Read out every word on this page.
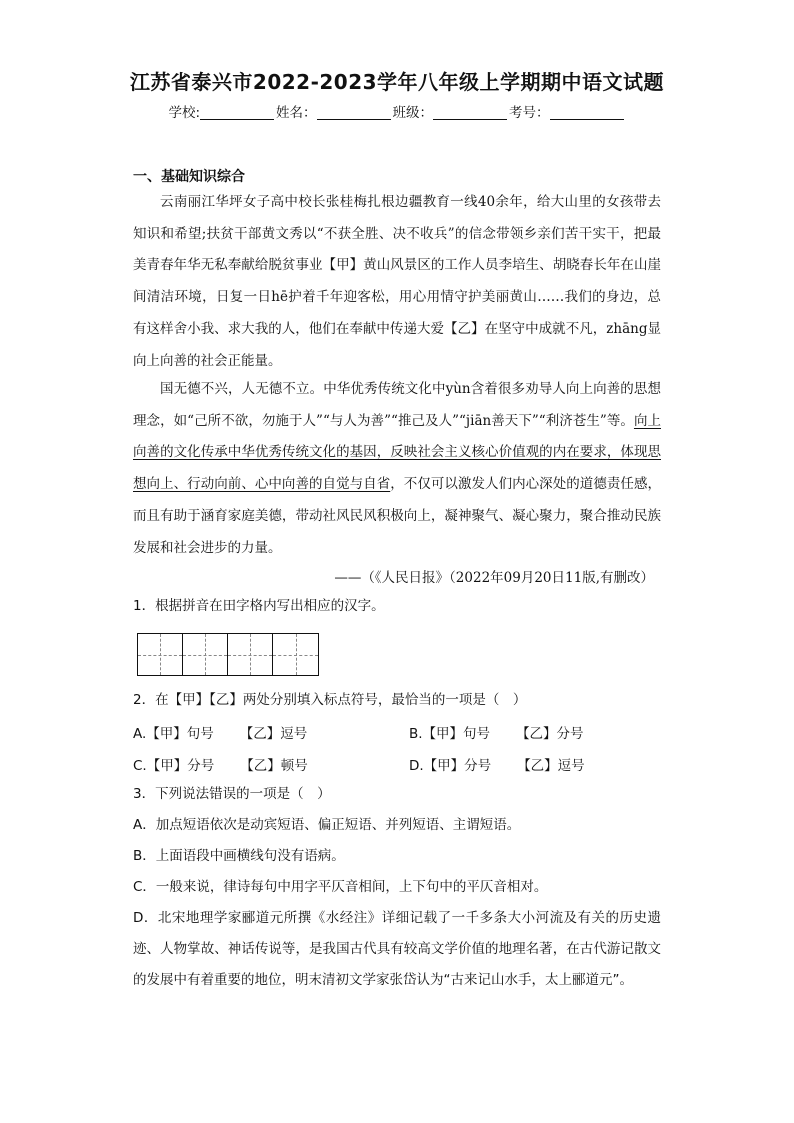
江苏省泰兴市2022-2023学年八年级上学期期中语文试题
学校:	姓名：	班级：	考号：
一、基础知识综合

云南丽江华坪女子高中校长张桂梅扎根边疆教育一线40余年，给大山里的女孩带去知识和希望;扶贫干部黄文秀以“不获全胜、决不收兵”的信念带领乡亲们苦干实干，把最美青春年华无私奉献给脱贫事业【甲】黄山风景区的工作人员李培生、胡晓春长年在山崖间清洁环境，日复一日hē护着千年迎客松，用心用情守护美丽黄山……我们的身边，总有这样舍小我、求大我的人，他们在奉献中传递大爱【乙】在坚守中成就不凡，zhāng显向上向善的社会正能量。

国无德不兴，人无德不立。中华优秀传统文化中yùn含着很多劝导人向上向善的思想理念，如“己所不欲，勿施于人”“与人为善”“推己及人”“jiān善天下”“利济苍生”等。向上向善的文化传承中华优秀传统文化的基因，反映社会主义核心价值观的内在要求，体现思想向上、行动向前、心中向善的自觉与自省，不仅可以激发人们内心深处的道德责任感，而且有助于涵育家庭美德，带动社风民风积极向上，凝神聚气、凝心聚力，聚合推动民族发展和社会进步的力量。

——（《人民日报》（2022年09月20日11版,有删改）

1．根据拼音在田字格内写出相应的汉字。

2．在【甲】【乙】两处分别填入标点符号，最恰当的一项是（　）

A.【甲】句号 【乙】逗号	B.【甲】句号 【乙】分号
C.【甲】分号 【乙】顿号	D.【甲】分号 【乙】逗号

3．下列说法错误的一项是（　）

A．加点短语依次是动宾短语、偏正短语、并列短语、主谓短语。

B．上面语段中画横线句没有语病。

C．一般来说，律诗每句中用字平仄音相间，上下句中的平仄音相对。

D．北宋地理学家郦道元所撰《水经注》详细记载了一千多条大小河流及有关的历史遗迹、人物掌故、神话传说等，是我国古代具有较高文学价值的地理名著，在古代游记散文的发展中有着重要的地位，明末清初文学家张岱认为“古来记山水手，太上郦道元”。
